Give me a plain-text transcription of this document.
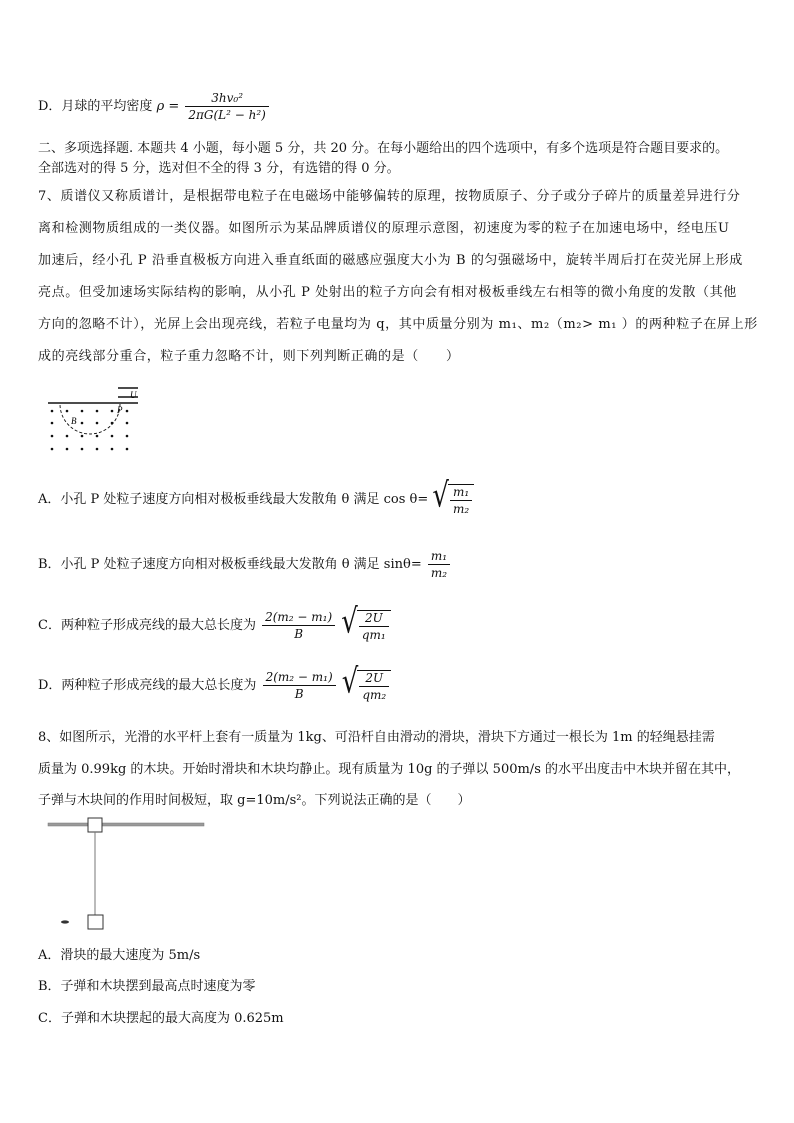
D．月球的平均密度 $\rho = \frac{\text{3hv₀²}}{\text{2πG(L² − h²)}}$
二、多项选择题. 本题共 4 小题，每小题 5 分，共 20 分。在每小题给出的四个选项中，有多个选项是符合题目要求的。
全部选对的得 5 分，选对但不全的得 3 分，有选错的得 0 分。
7、质谱仪又称质谱计，是根据带电粒子在电磁场中能够偏转的原理，按物质原子、分子或分子碎片的质量差异进行分
离和检测物质组成的一类仪器。如图所示为某品牌质谱仪的原理示意图，初速度为零的粒子在加速电场中，经电压U
加速后，经小孔 P 沿垂直极板方向进入垂直纸面的磁感应强度大小为 B 的匀强磁场中，旋转半周后打在荧光屏上形成
亮点。但受加速场实际结构的影响，从小孔 P 处射出的粒子方向会有相对极板垂线左右相等的微小角度的发散（其他
方向的忽略不计），光屏上会出现亮线，若粒子电量均为 q，其中质量分别为 m₁、m₂（m₂> m₁ ）的两种粒子在屏上形
成的亮线部分重合，粒子重力忽略不计，则下列判断正确的是（　　）
U
P
B
A．小孔 P 处粒子速度方向相对极板垂线最大发散角 θ 满足 cos θ= √ $\frac{\text{m₁}}{\text{m₂}}$
B．小孔 P 处粒子速度方向相对极板垂线最大发散角 θ 满足 $\sin\theta= \frac{\text{m₁}}{\text{m₂}}$
C．两种粒子形成亮线的最大总长度为 $\frac{\text{2(m₂ − m₁)}}{B}$
√ $\frac{2U}{\text{qm₁}}$
D．两种粒子形成亮线的最大总长度为 $\frac{\text{2(m₂ − m₁)}}{B}$
√ $\frac{2U}{\text{qm₂}}$
8、如图所示，光滑的水平杆上套有一质量为 1kg、可沿杆自由滑动的滑块，滑块下方通过一根长为 1m 的轻绳悬挂需
质量为 0.99kg 的木块。开始时滑块和木块均静止。现有质量为 10g 的子弹以 500m/s 的水平出度击中木块并留在其中，
子弹与木块间的作用时间极短，取 g=10m/s²。下列说法正确的是（　　）
A．滑块的最大速度为 5m/s
B．子弹和木块摆到最高点时速度为零
C．子弹和木块摆起的最大高度为 0.625m
